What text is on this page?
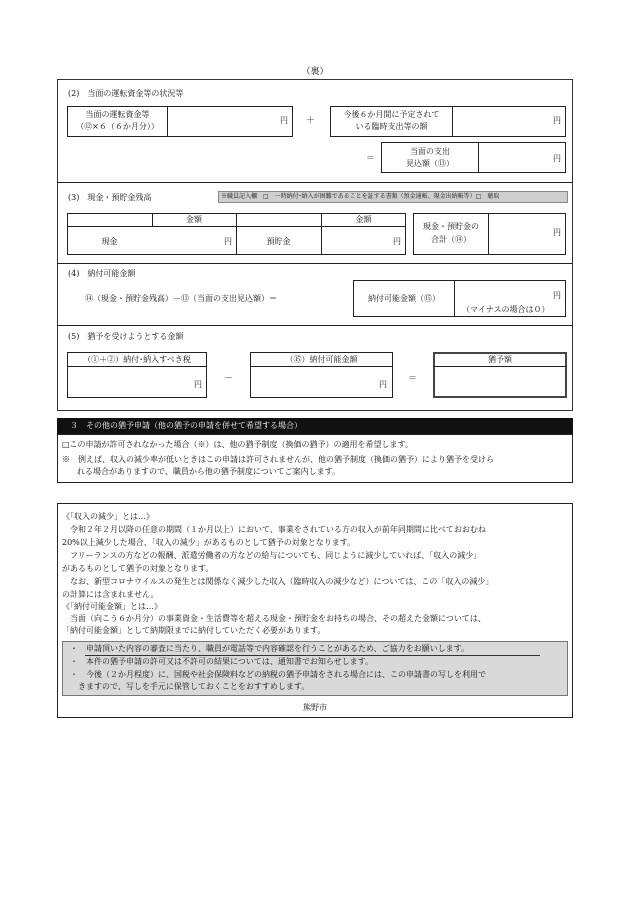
（裏）
(2)　当面の運転資金等の状況等
当面の運転資金等
（⑫×６（６か月分））
円 ＋
今後６か月間に予定されて
いる臨時支出等の額
円
＝
当面の支出
見込額（⑬）
円
(3)　現金・預貯金残高	※職員記入欄　□　一時納付･納入が困難であることを証する書類（預金通帳、現金出納帳等）□　聴取
金額	金額
現金	円	預貯金	円
現金・預貯金の
合計（⑭）
円
(4)　納付可能金額
⑭（現金・預貯金残高）－⑬（当面の支出見込額）＝	納付可能金額（⑮）	円
（マイナスの場合は０）
(5)　猶予を受けようとする金額
（①＋②）納付･納入すべき税
円
－
（⑮）納付可能金額
円
＝
猶予額
３　その他の猶予申請（他の猶予の申請を併せて希望する場合）
□この申請が許可されなかった場合（※）は、他の猶予制度（換価の猶予）の適用を希望します。
※　例えば、収入の減少率が低いときはこの申請は許可されませんが、他の猶予制度（換価の猶予）により猶予を受けら
れる場合がありますので、職員から他の猶予制度についてご案内します。
《「収入の減少」とは…》
　令和２年２月以降の任意の期間（１か月以上）において、事業をされている方の収入が前年同期間に比べておおむね
20%以上減少した場合、「収入の減少」があるものとして猶予の対象となります。
　フリーランスの方などの報酬、派遣労働者の方などの給与についても、同じように減少していれば、「収入の減少」
があるものとして猶予の対象となります。
　なお、新型コロナウイルスの発生とは関係なく減少した収入（臨時収入の減少など）については、この「収入の減少」
の計算には含まれません。
《「納付可能金額」とは…》
　当面（向こう６か月分）の事業資金・生活費等を超える現金・預貯金をお持ちの場合、その超えた金額については、
「納付可能金額」として納期限までに納付していただく必要があります。
・　申請頂いた内容の審査に当たり、職員が電話等で内容確認を行うことがあるため、ご協力をお願いします。
・　本件の猶予申請の許可又は不許可の結果については、通知書でお知らせします。
・　今後（２か月程度）に、国税や社会保険料などの納税の猶予申請をされる場合には、この申請書の写しを利用で
　きますので、写しを手元に保管しておくことをおすすめします。
熊野市
